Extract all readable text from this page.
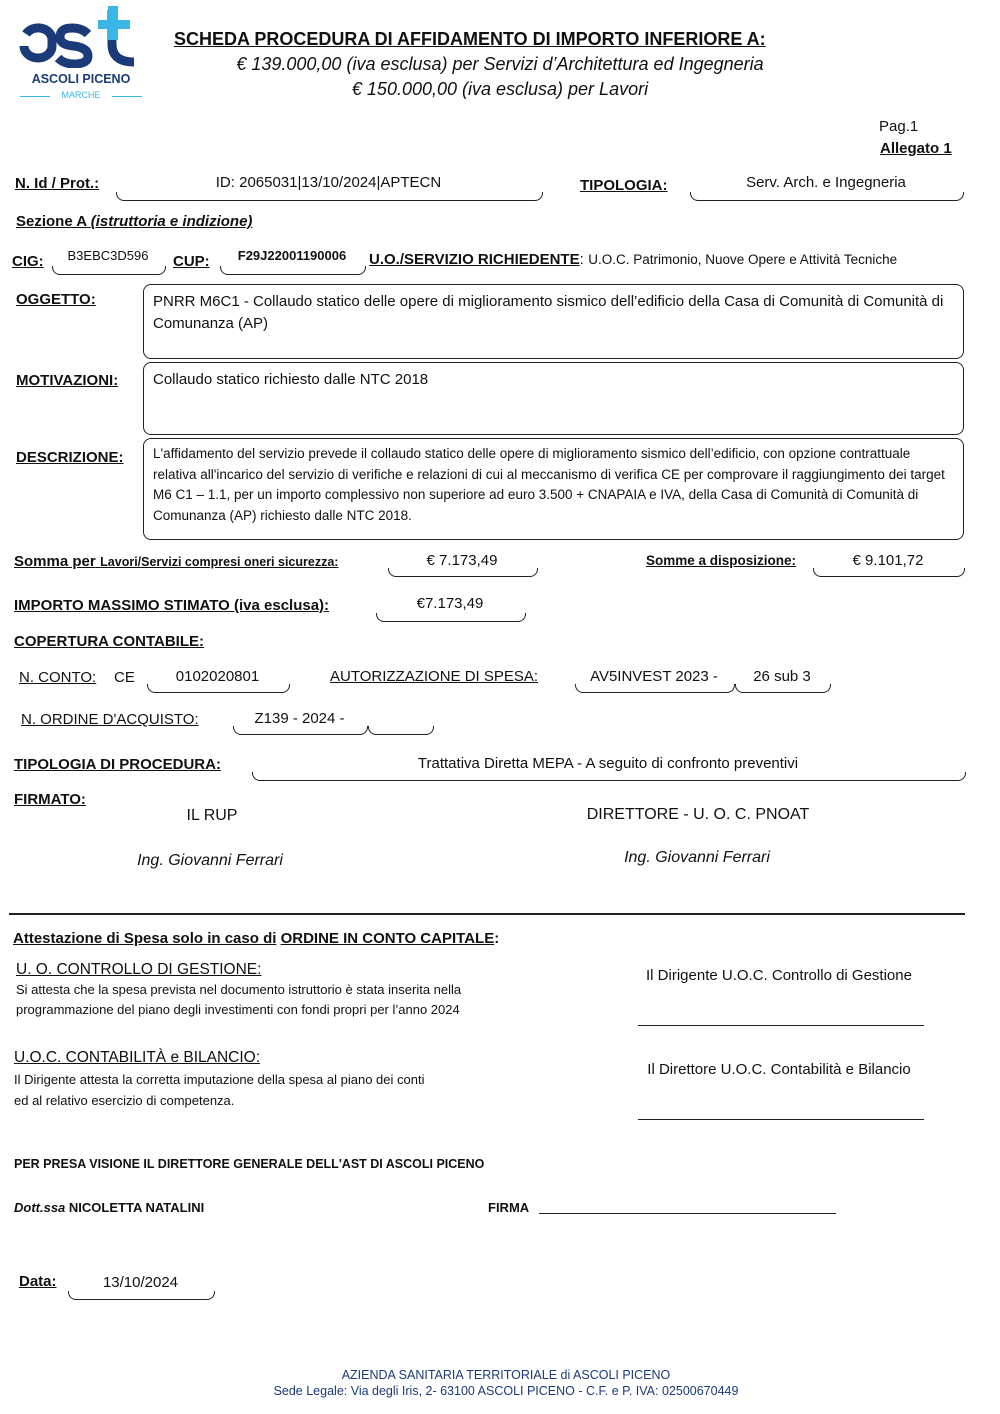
ASCOLI PICENO
MARCHE
SCHEDA PROCEDURA DI AFFIDAMENTO DI IMPORTO INFERIORE A:
€ 139.000,00 (iva esclusa) per Servizi d’Architettura ed Ingegneria
€ 150.000,00 (iva esclusa) per Lavori
Pag.1
Allegato 1
N. Id / Prot.:	ID: 2065031|13/10/2024|APTECN	TIPOLOGIA:	Serv. Arch. e Ingegneria
Sezione A (istruttoria e indizione)
CIG:	B3EBC3D596	CUP:	F29J22001190006	U.O./SERVIZIO RICHIEDENTE: U.O.C. Patrimonio, Nuove Opere e Attività Tecniche
OGGETTO:	PNRR M6C1 - Collaudo statico delle opere di miglioramento sismico dell’edificio della Casa di Comunità di Comunità di Comunanza (AP)
MOTIVAZIONI:	Collaudo statico richiesto dalle NTC 2018
DESCRIZIONE:	L'affidamento del servizio prevede il collaudo statico delle opere di miglioramento sismico dell’edificio, con opzione contrattuale relativa all'incarico del servizio di verifiche e relazioni di cui al meccanismo di verifica CE per comprovare il raggiungimento dei target M6 C1 – 1.1, per un importo complessivo non superiore ad euro 3.500 + CNAPAIA e IVA, della Casa di Comunità di Comunità di Comunanza (AP) richiesto dalle NTC 2018.
Somma per Lavori/Servizi compresi oneri sicurezza:	€ 7.173,49	Somme a disposizione:	€ 9.101,72
IMPORTO MASSIMO STIMATO (iva esclusa):	€7.173,49
COPERTURA CONTABILE:
N. CONTO: CE	0102020801	AUTORIZZAZIONE DI SPESA:	AV5INVEST 2023 -	26 sub 3
N. ORDINE D'ACQUISTO:	Z139 - 2024 -
TIPOLOGIA DI PROCEDURA:	Trattativa Diretta MEPA - A seguito di confronto preventivi
FIRMATO:
IL RUP
Ing. Giovanni Ferrari
DIRETTORE - U. O. C. PNOAT
Ing. Giovanni Ferrari
Attestazione di Spesa solo in caso di ORDINE IN CONTO CAPITALE:
U. O. CONTROLLO DI GESTIONE:
Si attesta che la spesa prevista nel documento istruttorio è stata inserita nella
programmazione del piano degli investimenti con fondi propri per l’anno 2024
Il Dirigente U.O.C. Controllo di Gestione
U.O.C. CONTABILITÀ e BILANCIO:
Il Dirigente attesta la corretta imputazione della spesa al piano dei conti
ed al relativo esercizio di competenza.
Il Direttore U.O.C. Contabilità e Bilancio
PER PRESA VISIONE IL DIRETTORE GENERALE DELL'AST DI ASCOLI PICENO
Dott.ssa NICOLETTA NATALINI	FIRMA
Data:	13/10/2024
AZIENDA SANITARIA TERRITORIALE di ASCOLI PICENO
Sede Legale: Via degli Iris, 2- 63100 ASCOLI PICENO - C.F. e P. IVA: 02500670449
